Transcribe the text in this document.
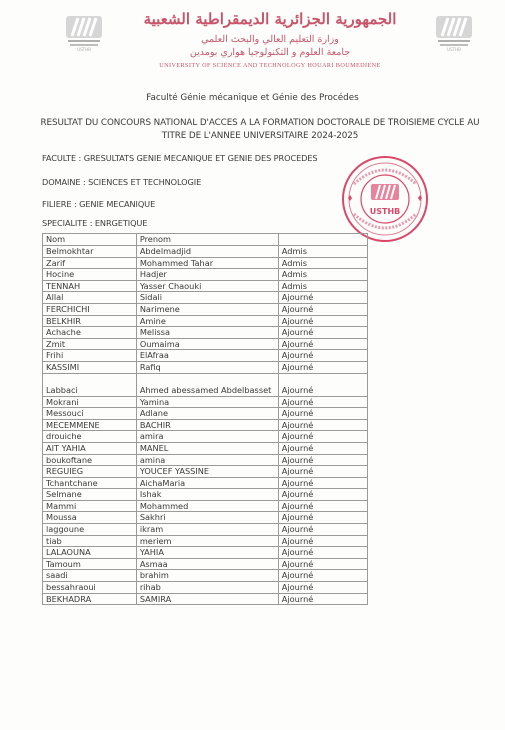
USTHB
الجمهورية الجزائرية الديمقراطية الشعبية
وزارة التعليم العالي والبحث العلمي
جامعة العلوم و التكنولوجيا هواري بومدين
UNIVERSITY OF SCIENCE AND TECHNOLOGY HOUARI BOUMEDIENE
USTHB
Faculté Génie mécanique et Génie des Procédes
RESULTAT DU CONCOURS NATIONAL D'ACCES A LA FORMATION DOCTORALE DE TROISIEME CYCLE AU
TITRE DE L'ANNEE UNIVERSITAIRE 2024-2025
FACULTE : GRESULTATS GENIE MECANIQUE ET GENIE DES PROCEDES
DOMAINE : SCIENCES ET TECHNOLOGIE
FILIERE : GENIE MECANIQUE
SPECIALITE : ENRGETIQUE
USTHB
Nom	Prenom	
Belmokhtar	Abdelmadjid	Admis
Zarif	Mohammed Tahar	Admis
Hocine	Hadjer	Admis
TENNAH	Yasser Chaouki	Admis
Allal	Sidali	Ajourné
FERCHICHI	Narimene	Ajourné
BELKHIR	Amine	Ajourné
Achache	Melissa	Ajourné
Zmit	Oumaima	Ajourné
Frihi	ElAfraa	Ajourné
KASSIMI	Rafiq	Ajourné
Labbaci	Ahmed abessamed Abdelbasset	Ajourné
Mokrani	Yamina	Ajourné
Messouci	Adlane	Ajourné
MECEMMENE	BACHIR	Ajourné
drouiche	amira	Ajourné
AIT YAHIA	MANEL	Ajourné
boukoftane	amina	Ajourné
REGUIEG	YOUCEF YASSINE	Ajourné
Tchantchane	AichaMaria	Ajourné
Selmane	Ishak	Ajourné
Mammi	Mohammed	Ajourné
Moussa	Sakhri	Ajourné
laggoune	ikram	Ajourné
tiab	meriem	Ajourné
LALAOUNA	YAHIA	Ajourné
Tamoum	Asmaa	Ajourné
saadi	brahim	Ajourné
bessahraoui	rihab	Ajourné
BEKHADRA	SAMIRA	Ajourné
